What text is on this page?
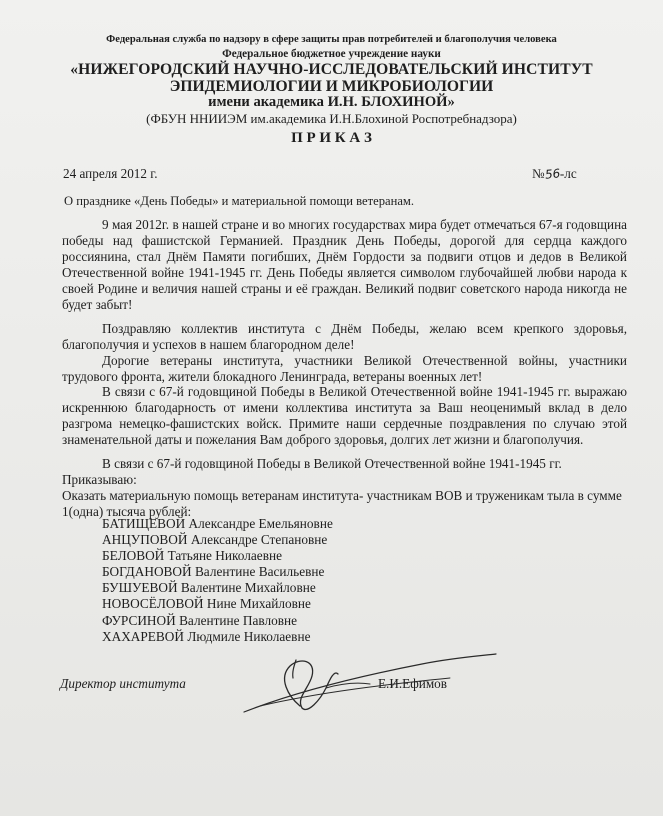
Федеральная служба по надзору в сфере защиты прав потребителей и благополучия человека
Федеральное бюджетное учреждение науки
«НИЖЕГОРОДСКИЙ НАУЧНО-ИССЛЕДОВАТЕЛЬСКИЙ ИНСТИТУТ
ЭПИДЕМИОЛОГИИ И МИКРОБИОЛОГИИ
имени академика И.Н. БЛОХИНОЙ»
(ФБУН ННИИЭМ им.академика И.Н.Блохиной Роспотребнадзора)
П Р И К А З
24 апреля 2012 г.	№56-лс
О празднике «День Победы» и материальной помощи ветеранам.

9 мая 2012г. в нашей стране и во многих государствах мира будет отмечаться 67-я годовщина победы над фашистской Германией. Праздник День Победы, дорогой для сердца каждого россиянина, стал Днём Памяти погибших, Днём Гордости за подвиги отцов и дедов в Великой Отечественной войне 1941-1945 гг. День Победы является символом глубочайшей любви народа к своей Родине и величия нашей страны и её граждан. Великий подвиг советского народа никогда не будет забыт!

Поздравляю коллектив института с Днём Победы, желаю всем крепкого здоровья, благополучия и успехов в нашем благородном деле!

Дорогие ветераны института, участники Великой Отечественной войны, участники трудового фронта, жители блокадного Ленинграда, ветераны военных лет!

В связи с 67-й годовщиной Победы в Великой Отечественной войне 1941-1945 гг. выражаю искреннюю благодарность от имени коллектива института за Ваш неоценимый вклад в дело разгрома немецко-фашистских войск. Примите наши сердечные поздравления по случаю этой знаменательной даты и пожелания Вам доброго здоровья, долгих лет жизни и благополучия.

В связи с 67-й годовщиной Победы в Великой Отечественной войне 1941-1945 гг.

Приказываю:

Оказать материальную помощь ветеранам института- участникам ВОВ и труженикам тыла в сумме 1(одна) тысяча рублей:

БАТИЩЕВОЙ Александре Емельяновне
АНЦУПОВОЙ Александре Степановне
БЕЛОВОЙ Татьяне Николаевне
БОГДАНОВОЙ Валентине Васильевне
БУШУЕВОЙ Валентине Михайловне
НОВОСЁЛОВОЙ Нине Михайловне
ФУРСИНОЙ Валентине Павловне
ХАХАРЕВОЙ Людмиле Николаевне
Директор института	Е.И.Ефимов
